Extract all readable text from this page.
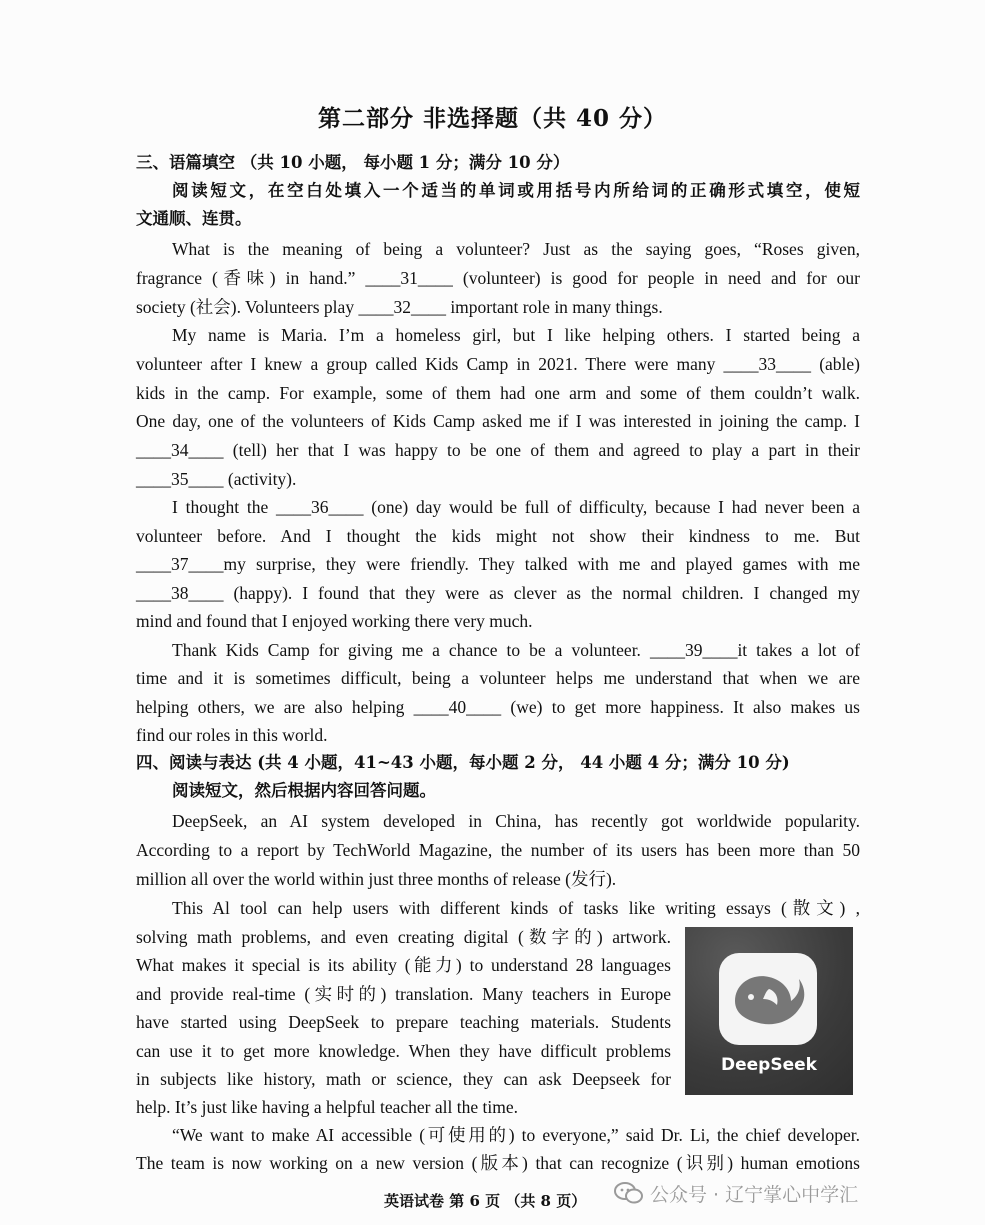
第二部分 非选择题（共 40 分）
三、语篇填空 （共 10 小题， 每小题 1 分；满分 10 分）
阅读短文，在空白处填入一个适当的单词或用括号内所给词的正确形式填空，使短
文通顺、连贯。
What is the meaning of being a volunteer? Just as the saying goes, “Roses given,
fragrance (香味) in hand.” ____31____ (volunteer) is good for people in need and for our
society (社会). Volunteers play ____32____ important role in many things.
My name is Maria. I’m a homeless girl, but I like helping others. I started being a
volunteer after I knew a group called Kids Camp in 2021. There were many ____33____ (able)
kids in the camp. For example, some of them had one arm and some of them couldn’t walk.
One day, one of the volunteers of Kids Camp asked me if I was interested in joining the camp. I
____34____ (tell) her that I was happy to be one of them and agreed to play a part in their
____35____ (activity).
I thought the ____36____ (one) day would be full of difficulty, because I had never been a
volunteer before. And I thought the kids might not show their kindness to me. But
____37____my surprise, they were friendly. They talked with me and played games with me
____38____ (happy). I found that they were as clever as the normal children. I changed my
mind and found that I enjoyed working there very much.
Thank Kids Camp for giving me a chance to be a volunteer. ____39____it takes a lot of
time and it is sometimes difficult, being a volunteer helps me understand that when we are
helping others, we are also helping ____40____ (we) to get more happiness. It also makes us
find our roles in this world.
四、阅读与表达 (共 4 小题，41~43 小题，每小题 2 分， 44 小题 4 分；满分 10 分)
阅读短文，然后根据内容回答问题。
DeepSeek, an AI system developed in China, has recently got worldwide popularity.
According to a report by TechWorld Magazine, the number of its users has been more than 50
million all over the world within just three months of release (发行).
This Al tool can help users with different kinds of tasks like writing essays (散文) ,
solving math problems, and even creating digital (数字的) artwork.
What makes it special is its ability (能力) to understand 28 languages
and provide real-time (实时的) translation. Many teachers in Europe
have started using DeepSeek to prepare teaching materials. Students
can use it to get more knowledge. When they have difficult problems
in subjects like history, math or science, they can ask Deepseek for
help. It’s just like having a helpful teacher all the time.
“We want to make AI accessible (可使用的) to everyone,” said Dr. Li, the chief developer.
The team is now working on a new version (版本) that can recognize (识别) human emotions
DeepSeek
英语试卷 第 6 页 （共 8 页）	公众号 · 辽宁掌心中学汇
